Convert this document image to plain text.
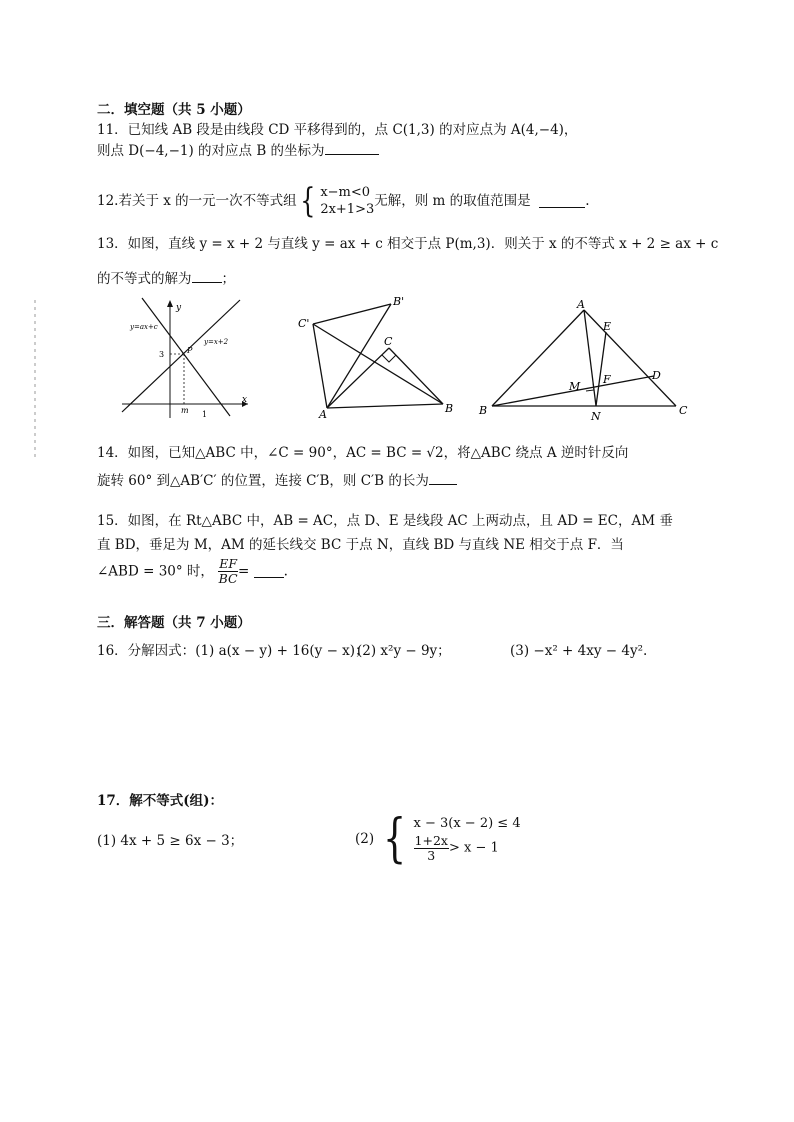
二．填空题（共 5 小题）
11．已知线 AB 段是由线段 CD 平移得到的，点 C(1,3) 的对应点为 A(4,−4)，
则点 D(−4,−1) 的对应点 B 的坐标为
12.若关于 x 的一元一次不等式组{ x−m<0
2x+1>3
无解，则 m 的取值范围是	.
13．如图，直线 y = x + 2 与直线 y = ax + c 相交于点 P(m,3)．则关于 x 的不等式 x + 2 ≥ ax + c
的不等式的解为 ；
y
x
y=ax+c
y=x+2
P
3
m 1
C'
B'
C
A	B
A
E
M
F	D
B	N	C
14．如图，已知△ABC 中，∠C = 90°，AC = BC = √2，将△ABC 绕点 A 逆时针反向
旋转 60° 到△AB′C′ 的位置，连接 C′B，则 C′B 的长为
15．如图，在 Rt△ABC 中，AB = AC，点 D、E 是线段 AC 上两动点，且 AD = EC，AM 垂
直 BD，垂足为 M，AM 的延长线交 BC 于点 N，直线 BD 与直线 NE 相交于点 F．当
∠ABD = 30° 时， $\frac{EF}{BC}$ = .
三．解答题（共 7 小题）
16．分解因式：(1) a(x − y) + 16(y − x)；
(2) x²y − 9y；	(3) −x² + 4xy − 4y².
17．解不等式(组)：
(1) 4x + 5 ≥ 6x − 3；	(2) { x − 3(x − 2) ≤ 4
$\frac{1+2x}{3} > x - 1$
